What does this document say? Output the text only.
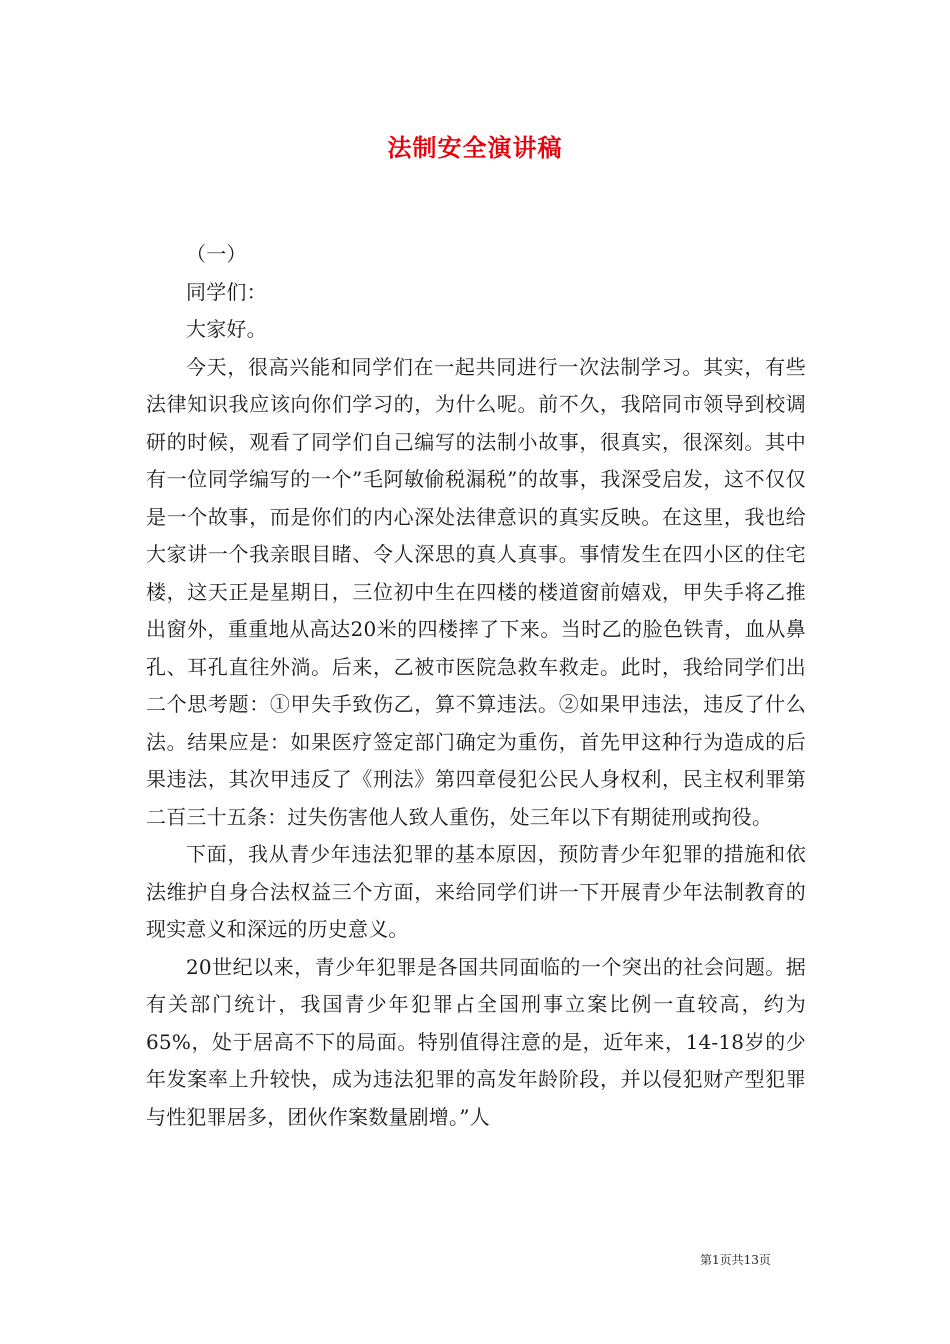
法制安全演讲稿

（一）

同学们：

大家好。

今天，很高兴能和同学们在一起共同进行一次法制学习。其实，有些法律知识我应该向你们学习的，为什么呢。前不久，我陪同市领导到校调研的时候，观看了同学们自己编写的法制小故事，很真实，很深刻。其中有一位同学编写的一个”毛阿敏偷税漏税”的故事，我深受启发，这不仅仅是一个故事，而是你们的内心深处法律意识的真实反映。在这里，我也给大家讲一个我亲眼目睹、令人深思的真人真事。事情发生在四小区的住宅楼，这天正是星期日，三位初中生在四楼的楼道窗前嬉戏，甲失手将乙推出窗外，重重地从高达20米的四楼摔了下来。当时乙的脸色铁青，血从鼻孔、耳孔直往外淌。后来，乙被市医院急救车救走。此时，我给同学们出二个思考题：①甲失手致伤乙，算不算违法。②如果甲违法，违反了什么法。结果应是：如果医疗签定部门确定为重伤，首先甲这种行为造成的后果违法，其次甲违反了《刑法》第四章侵犯公民人身权利，民主权利罪第二百三十五条：过失伤害他人致人重伤，处三年以下有期徒刑或拘役。

下面，我从青少年违法犯罪的基本原因，预防青少年犯罪的措施和依法维护自身合法权益三个方面，来给同学们讲一下开展青少年法制教育的现实意义和深远的历史意义。

20世纪以来，青少年犯罪是各国共同面临的一个突出的社会问题。据有关部门统计，我国青少年犯罪占全国刑事立案比例一直较高，约为65%，处于居高不下的局面。特别值得注意的是，近年来，14-18岁的少年发案率上升较快，成为违法犯罪的高发年龄阶段，并以侵犯财产型犯罪与性犯罪居多，团伙作案数量剧增。”人

第1页共13页
